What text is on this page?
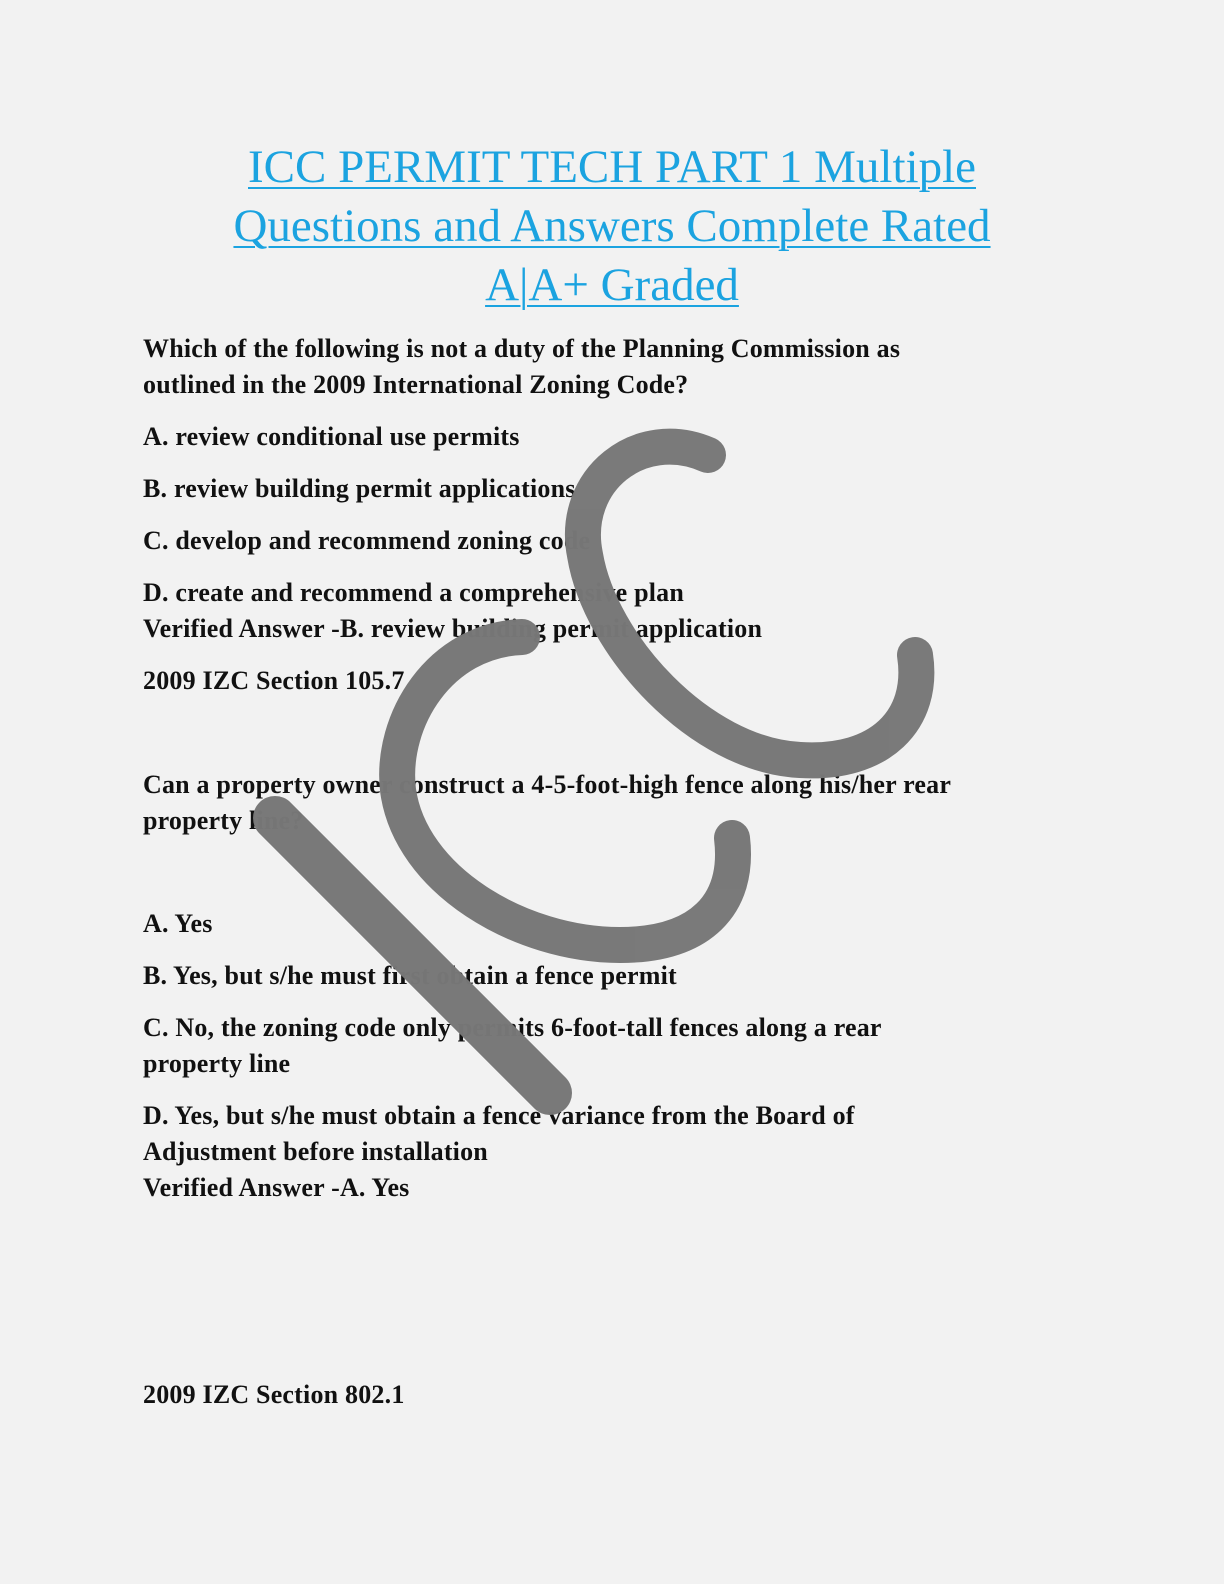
ICC PERMIT TECH PART 1 Multiple
Questions and Answers Complete Rated
A|A+ Graded

Which of the following is not a duty of the Planning Commission as

outlined in the 2009 International Zoning Code?

A. review conditional use permits

B. review building permit applications

C. develop and recommend zoning code

D. create and recommend a comprehensive plan

Verified Answer -B. review building permit application

2009 IZC Section 105.7

Can a property owner construct a 4-5-foot-high fence along his/her rear

property line?

A. Yes

B. Yes, but s/he must first obtain a fence permit

C. No, the zoning code only permits 6-foot-tall fences along a rear

property line

D. Yes, but s/he must obtain a fence variance from the Board of

Adjustment before installation

Verified Answer -A. Yes

2009 IZC Section 802.1
